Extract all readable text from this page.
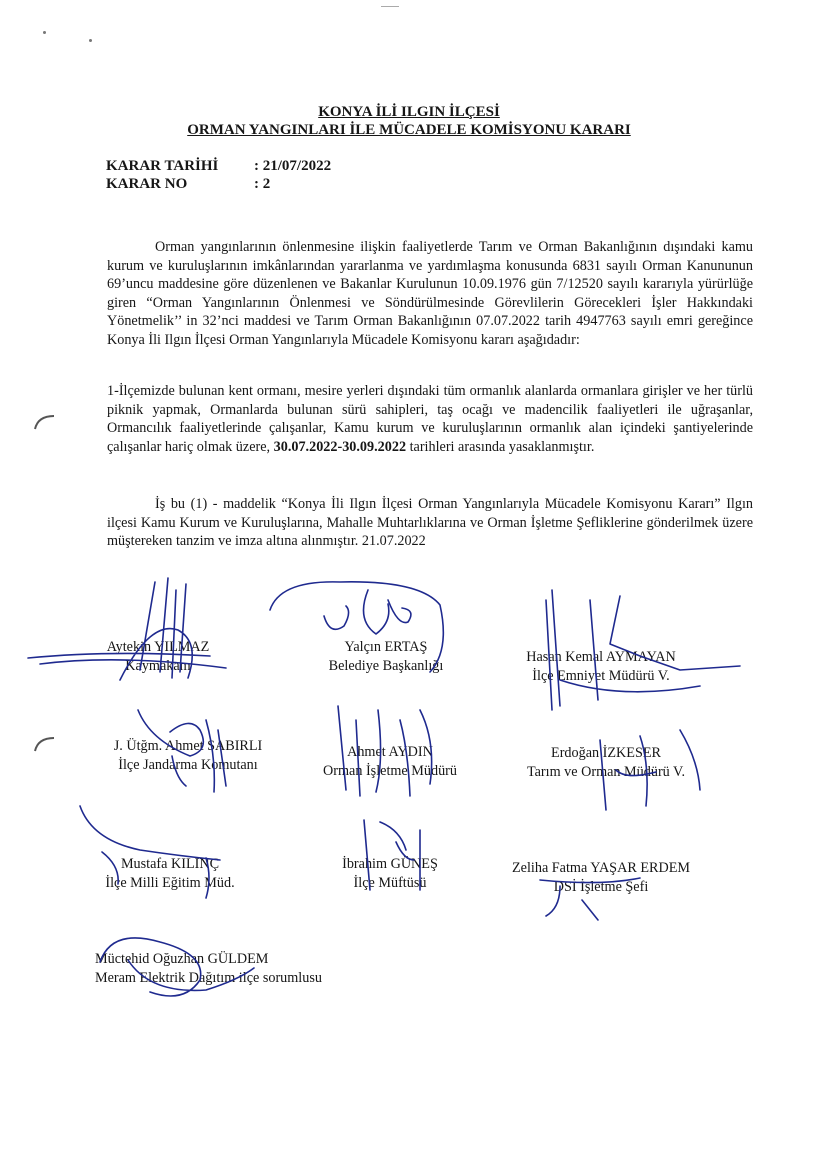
KONYA İLİ ILGIN İLÇESİ
ORMAN YANGINLARI İLE MÜCADELE KOMİSYONU KARARI
KARAR TARİHİ : 21/07/2022
KARAR NO	: 2

Orman yangınlarının önlenmesine ilişkin faaliyetlerde Tarım ve Orman Bakanlığının dışındaki kamu kurum ve kuruluşlarının imkânlarından yararlanma ve yardımlaşma konusunda 6831 sayılı Orman Kanununun 69’uncu maddesine göre düzenlenen ve Bakanlar Kurulunun 10.09.1976 gün 7/12520 sayılı kararıyla yürürlüğe giren “Orman Yangınlarının Önlenmesi ve Söndürülmesinde Görevlilerin Görecekleri İşler Hakkındaki Yönetmelik’’ in 32’nci maddesi ve Tarım Orman Bakanlığının 07.07.2022 tarih 4947763 sayılı emri gereğince Konya İli Ilgın İlçesi Orman Yangınlarıyla Mücadele Komisyonu kararı aşağıdadır:

1-İlçemizde bulunan kent ormanı, mesire yerleri dışındaki tüm ormanlık alanlarda ormanlara girişler ve her türlü piknik yapmak, Ormanlarda bulunan sürü sahipleri, taş ocağı ve madencilik faaliyetleri ile uğraşanlar, Ormancılık faaliyetlerinde çalışanlar, Kamu kurum ve kuruluşlarının ormanlık alan içindeki şantiyelerinde çalışanlar hariç olmak üzere, 30.07.2022-30.09.2022 tarihleri arasında yasaklanmıştır.

İş bu (1) - maddelik “Konya İli Ilgın İlçesi Orman Yangınlarıyla Mücadele Komisyonu Kararı” Ilgın ilçesi Kamu Kurum ve Kuruluşlarına, Mahalle Muhtarlıklarına ve Orman İşletme Şefliklerine gönderilmek üzere müştereken tanzim ve imza altına alınmıştır. 21.07.2022

Aytekin YILMAZ
Kaymakam
Yalçın ERTAŞ
Belediye Başkanlığı
Hasan Kemal AYMAYAN
İlçe Emniyet Müdürü V.
J. Ütğm. Ahmet SABIRLI
İlçe Jandarma Komutanı
Ahmet AYDIN
Orman İşletme Müdürü
Erdoğan İZKESER
Tarım ve Orman Müdürü V.
Mustafa KILINÇ
İlçe Milli Eğitim Müd.
İbrahim GÜNEŞ
İlçe Müftüsü
Zeliha Fatma YAŞAR ERDEM
DSİ İşletme Şefi
Müctehid Oğuzhan GÜLDEM
Meram Elektrik Dağıtım ilçe sorumlusu
